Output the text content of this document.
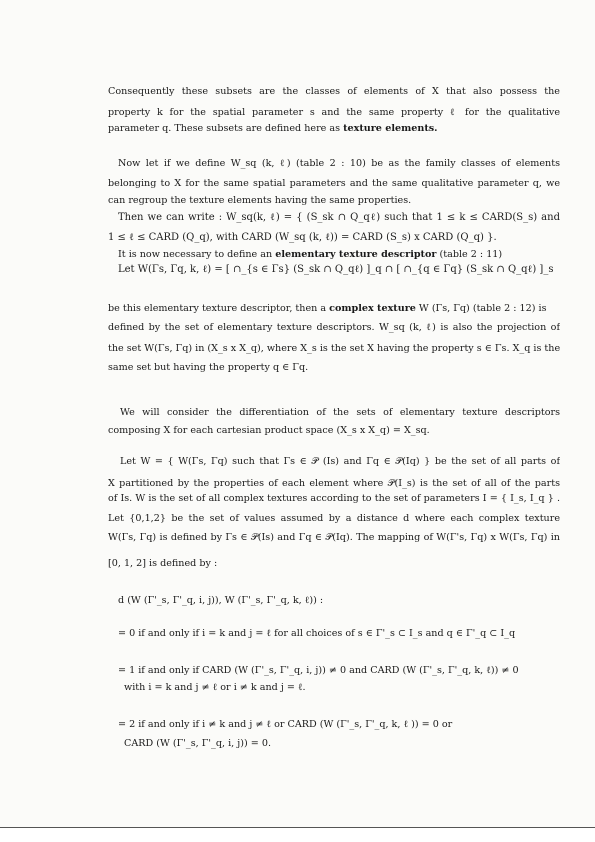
Consequently these subsets are the classes of elements of X that also possess the
property k for the spatial parameter s and the same property ℓ for the qualitative
parameter q. These subsets are defined here as texture elements.
Now let if we define W_sq (k, ℓ) (table 2 : 10) be as the family classes of elements
belonging to X for the same spatial parameters and the same qualitative parameter q, we
can regroup the texture elements having the same properties.
Then we can write : W_sq(k, ℓ) = { (S_sk ∩ Q_qℓ) such that 1 ≤ k ≤ CARD(S_s) and
1 ≤ ℓ ≤ CARD (Q_q), with CARD (W_sq (k, ℓ)) = CARD (S_s) x CARD (Q_q) }.
It is now necessary to define an elementary texture descriptor (table 2 : 11)
Let W(Γs, Γq, k, ℓ) = [ ∩_{s ∈ Γs} (S_sk ∩ Q_qℓ) ]_q ∩ [ ∩_{q ∈ Γq} (S_sk ∩ Q_qℓ) ]_s
be this elementary texture descriptor, then a complex texture W (Γs, Γq) (table 2 : 12) is
defined by the set of elementary texture descriptors. W_sq (k, ℓ) is also the projection of
the set W(Γs, Γq) in (X_s x X_q), where X_s is the set X having the property s ∈ Γs. X_q is the
same set but having the property q ∈ Γq.
We will consider the differentiation of the sets of elementary texture descriptors
composing X for each cartesian product space (X_s x X_q) = X_sq.
Let W = { W(Γs, Γq) such that Γs ∈ 𝒫 (Is) and Γq ∈ 𝒫(Iq) } be the set of all parts of
X partitioned by the properties of each element where 𝒫(I_s) is the set of all of the parts
of Is. W is the set of all complex textures according to the set of parameters I = { I_s, I_q } .
Let {0,1,2} be the set of values assumed by a distance d where each complex texture
W(Γs, Γq) is defined by Γs ∈ 𝒫(Is) and Γq ∈ 𝒫(Iq). The mapping of W(Γ's, Γq) x W(Γs, Γq) in
[0, 1, 2] is defined by :
d (W (Γ'_s, Γ'_q, i, j)), W (Γ'_s, Γ'_q, k, ℓ)) :
= 0 if and only if i = k and j = ℓ for all choices of s ∈ Γ'_s ⊂ I_s and q ∈ Γ'_q ⊂ I_q
= 1 if and only if CARD (W (Γ'_s, Γ'_q, i, j)) ≠ 0 and CARD (W (Γ'_s, Γ'_q, k, ℓ)) ≠ 0
with i = k and j ≠ ℓ or i ≠ k and j = ℓ.
= 2 if and only if i ≠ k and j ≠ ℓ or CARD (W (Γ'_s, Γ'_q, k, ℓ )) = 0 or
CARD (W (Γ'_s, Γ'_q, i, j)) = 0.
